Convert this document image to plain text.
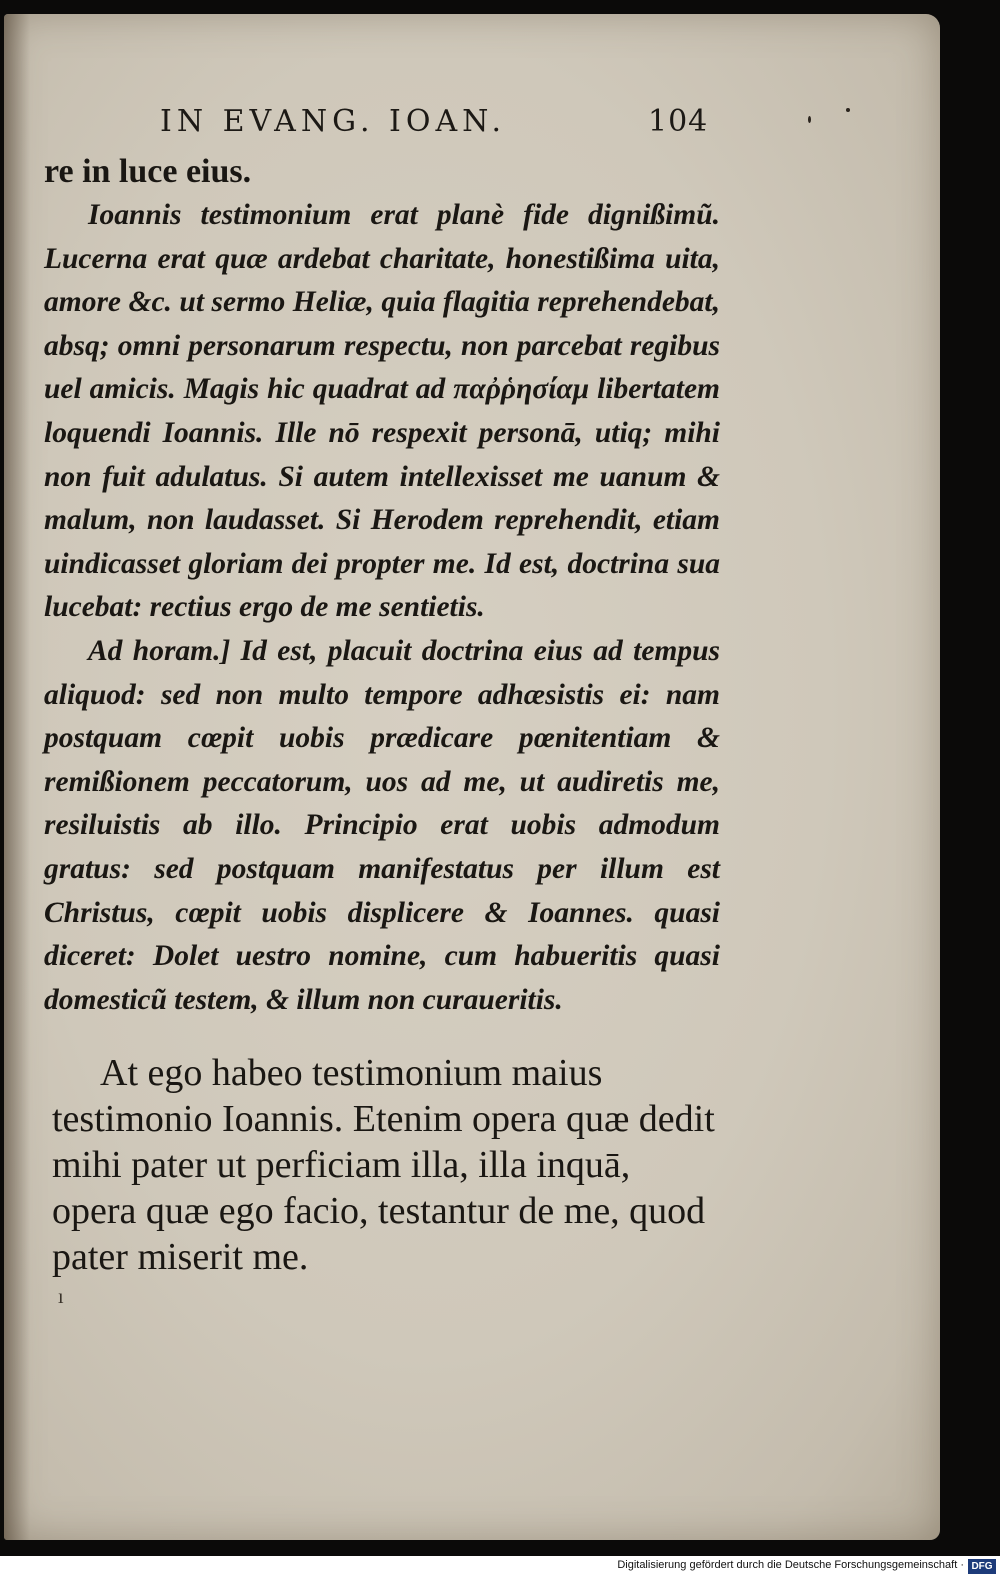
IN EVANG. IOAN.	104
re in luce eius.

Ioannis testimonium erat planè fide dignißimũ. Lucerna erat quæ ardebat charitate, honestißima uita, amore &c. ut sermo Heliæ, quia flagitia reprehendebat, absq; omni personarum respectu, non parcebat regibus uel amicis. Magis hic quadrat ad παῤῥησίαμ libertatem loquendi Ioannis. Ille nō respexit personā, utiq; mihi non fuit adulatus. Si autem intellexisset me uanum & malum, non laudasset. Si Herodem reprehendit, etiam uindicasset gloriam dei propter me. Id est, doctrina sua lucebat: rectius ergo de me sentietis.

Ad horam.] Id est, placuit doctrina eius ad tempus aliquod: sed non multo tempore adhæsistis ei: nam postquam cœpit uobis prædicare pœnitentiam & remißionem peccatorum, uos ad me, ut audiretis me, resiluistis ab illo. Principio erat uobis admodum gratus: sed postquam manifestatus per illum est Christus, cœpit uobis displicere & Ioannes. quasi diceret: Dolet uestro nomine, cum habueritis quasi domesticũ testem, & illum non curaueritis.

At ego habeo testimonium maius testimonio Ioannis. Etenim opera quæ dedit mihi pater ut perficiam illa, illa inquā, opera quæ ego facio, testantur de me, quod pater miserit me.

ı
Digitalisierung gefördert durch die Deutsche Forschungsgemeinschaft · DFG
